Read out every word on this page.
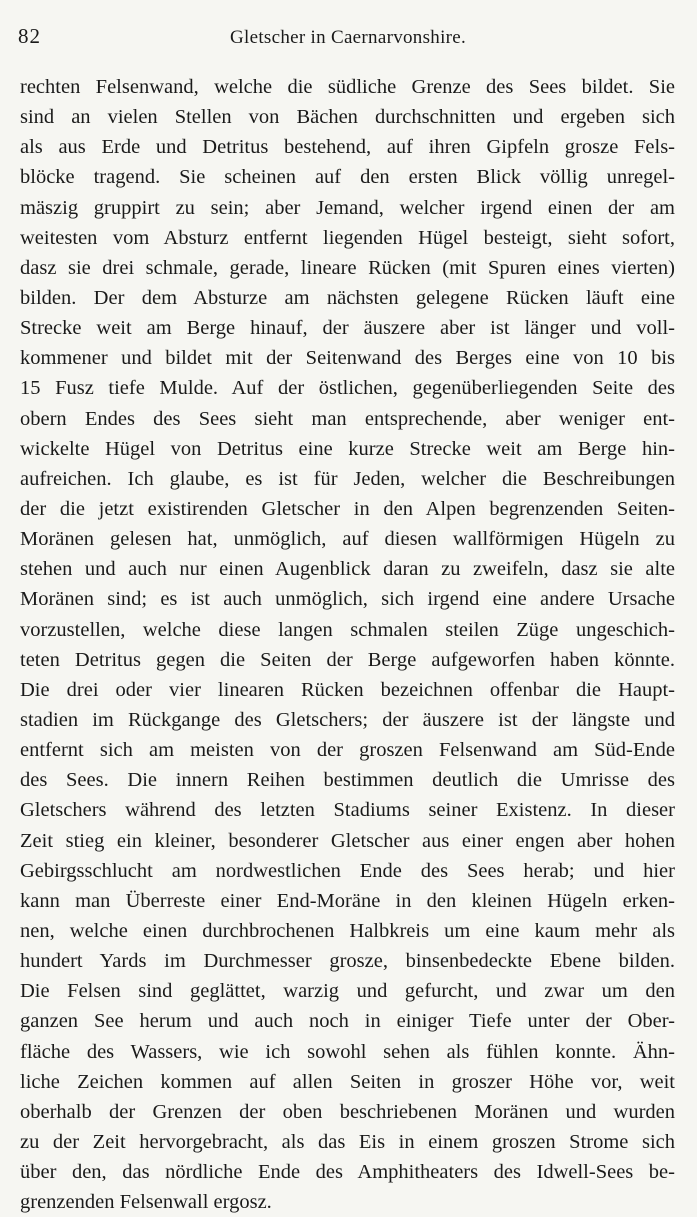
82	Gletscher in Caernarvonshire.
rechten Felsenwand, welche die südliche Grenze des Sees bildet. Sie
sind an vielen Stellen von Bächen durchschnitten und ergeben sich
als aus Erde und Detritus bestehend, auf ihren Gipfeln grosze Fels-
blöcke tragend. Sie scheinen auf den ersten Blick völlig unregel-
mäszig gruppirt zu sein; aber Jemand, welcher irgend einen der am
weitesten vom Absturz entfernt liegenden Hügel besteigt, sieht sofort,
dasz sie drei schmale, gerade, lineare Rücken (mit Spuren eines vierten)
bilden. Der dem Absturze am nächsten gelegene Rücken läuft eine
Strecke weit am Berge hinauf, der äuszere aber ist länger und voll-
kommener und bildet mit der Seitenwand des Berges eine von 10 bis
15 Fusz tiefe Mulde. Auf der östlichen, gegenüberliegenden Seite des
obern Endes des Sees sieht man entsprechende, aber weniger ent-
wickelte Hügel von Detritus eine kurze Strecke weit am Berge hin-
aufreichen. Ich glaube, es ist für Jeden, welcher die Beschreibungen
der die jetzt existirenden Gletscher in den Alpen begrenzenden Seiten-
Moränen gelesen hat, unmöglich, auf diesen wallförmigen Hügeln zu
stehen und auch nur einen Augenblick daran zu zweifeln, dasz sie alte
Moränen sind; es ist auch unmöglich, sich irgend eine andere Ursache
vorzustellen, welche diese langen schmalen steilen Züge ungeschich-
teten Detritus gegen die Seiten der Berge aufgeworfen haben könnte.
Die drei oder vier linearen Rücken bezeichnen offenbar die Haupt-
stadien im Rückgange des Gletschers; der äuszere ist der längste und
entfernt sich am meisten von der groszen Felsenwand am Süd-Ende
des Sees. Die innern Reihen bestimmen deutlich die Umrisse des
Gletschers während des letzten Stadiums seiner Existenz. In dieser
Zeit stieg ein kleiner, besonderer Gletscher aus einer engen aber hohen
Gebirgsschlucht am nordwestlichen Ende des Sees herab; und hier
kann man Überreste einer End-Moräne in den kleinen Hügeln erken-
nen, welche einen durchbrochenen Halbkreis um eine kaum mehr als
hundert Yards im Durchmesser grosze, binsenbedeckte Ebene bilden.
Die Felsen sind geglättet, warzig und gefurcht, und zwar um den
ganzen See herum und auch noch in einiger Tiefe unter der Ober-
fläche des Wassers, wie ich sowohl sehen als fühlen konnte. Ähn-
liche Zeichen kommen auf allen Seiten in groszer Höhe vor, weit
oberhalb der Grenzen der oben beschriebenen Moränen und wurden
zu der Zeit hervorgebracht, als das Eis in einem groszen Strome sich
über den, das nördliche Ende des Amphitheaters des Idwell-Sees be-
grenzenden Felsenwall ergosz.
